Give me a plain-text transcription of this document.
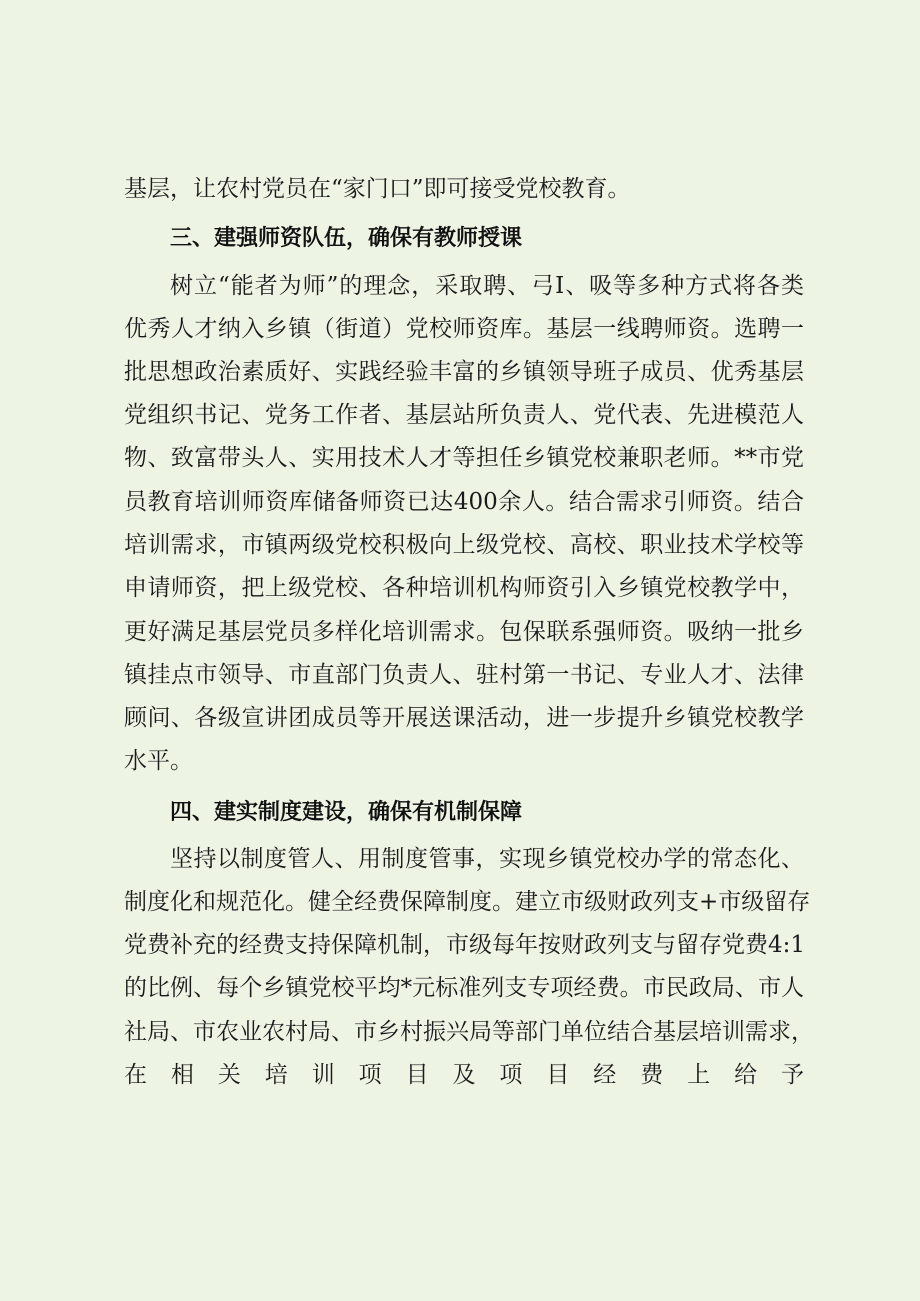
基层，让农村党员在“家门口”即可接受党校教育。
三、建强师资队伍，确保有教师授课
树立“能者为师”的理念，采取聘、弓I、吸等多种方式将各类
优秀人才纳入乡镇（街道）党校师资库。基层一线聘师资。选聘一
批思想政治素质好、实践经验丰富的乡镇领导班子成员、优秀基层
党组织书记、党务工作者、基层站所负责人、党代表、先进模范人
物、致富带头人、实用技术人才等担任乡镇党校兼职老师。**市党
员教育培训师资库储备师资已达400余人。结合需求引师资。结合
培训需求，市镇两级党校积极向上级党校、高校、职业技术学校等
申请师资，把上级党校、各种培训机构师资引入乡镇党校教学中，
更好满足基层党员多样化培训需求。包保联系强师资。吸纳一批乡
镇挂点市领导、市直部门负责人、驻村第一书记、专业人才、法律
顾问、各级宣讲团成员等开展送课活动，进一步提升乡镇党校教学
水平。
四、建实制度建设，确保有机制保障
坚持以制度管人、用制度管事，实现乡镇党校办学的常态化、
制度化和规范化。健全经费保障制度。建立市级财政列支+市级留存
党费补充的经费支持保障机制，市级每年按财政列支与留存党费4:1
的比例、每个乡镇党校平均*元标准列支专项经费。市民政局、市人
社局、市农业农村局、市乡村振兴局等部门单位结合基层培训需求，
在相关培训项目及项目经费上给予
